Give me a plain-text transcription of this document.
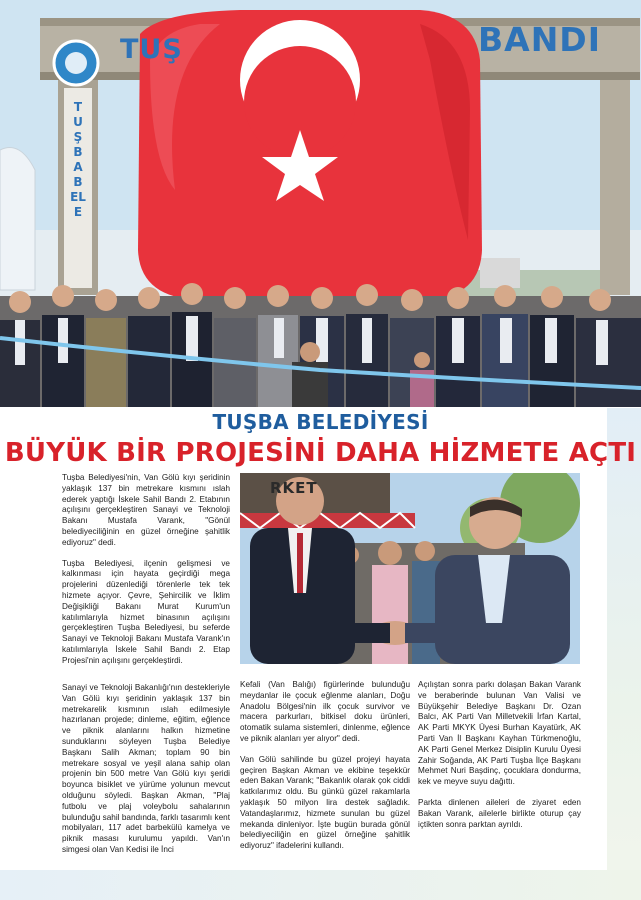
TUŞ	BANDI
TUŞBA BELE
TUŞBA BELEDİYESİ
BÜYÜK BİR PROJESİNİ DAHA HİZMETE AÇTI
RKET

Tuşba Belediyesi'nin, Van Gölü kıyı şeridinin yaklaşık 137 bin metrekare kısmını ıslah ederek yaptığı İskele Sahil Bandı 2. Etabının açılışını gerçekleştiren Sanayi ve Teknoloji Bakanı Mustafa Varank, "Gönül belediyeciliğinin en güzel örneğine şahitlik ediyoruz" dedi.

Tuşba Belediyesi, ilçenin gelişmesi ve kalkınması için hayata geçirdiği mega projelerini düzenlediği törenlerle tek tek hizmete açıyor. Çevre, Şehircilik ve İklim Değişikliği Bakanı Murat Kurum'un katılımlarıyla hizmet binasının açılışını gerçekleştiren Tuşba Belediyesi, bu seferde Sanayi ve Teknoloji Bakanı Mustafa Varank'ın katılımlarıyla İskele Sahil Bandı 2. Etap Projesi'nin açılışını gerçekleştirdi.

Sanayi ve Teknoloji Bakanlığı'nın destekleriyle Van Gölü kıyı şeridinin yaklaşık 137 bin metrekarelik kısmının ıslah edilmesiyle hazırlanan projede; dinleme, eğitim, eğlence ve piknik alanlarını halkın hizmetine sunduklarını söyleyen Tuşba Belediye Başkanı Salih Akman; toplam 90 bin metrekare sosyal ve yeşil alana sahip olan projenin bin 500 metre Van Gölü kıyı şeridi boyunca bisiklet ve yürüme yolunun mevcut olduğunu söyledi. Başkan Akman, "Plaj futbolu ve plaj voleybolu sahalarının bulunduğu sahil bandında, farklı tasarımlı kent mobilyaları, 117 adet barbekülü kamelya ve piknik masası kurulumu yapıldı. Van'ın simgesi olan Van Kedisi ile İnci

Kefali (Van Balığı) figürlerinde bulunduğu meydanlar ile çocuk eğlenme alanları, Doğu Anadolu Bölgesi'nin ilk çocuk survivor ve macera parkurları, bitkisel doku ürünleri, otomatik sulama sistemleri, dinlenme, eğlence ve piknik alanları yer alıyor" dedi.

Van Gölü sahilinde bu güzel projeyi hayata geçiren Başkan Akman ve ekibine teşekkür eden Bakan Varank; "Bakanlık olarak çok ciddi katkılarımız oldu. Bu günkü güzel rakamlarla yaklaşık 50 milyon lira destek sağladık. Vatandaşlarımız, hizmete sunulan bu güzel mekanda dinleniyor. İşte bugün burada gönül belediyeciliğin en güzel örneğine şahitlik ediyoruz" ifadelerini kullandı.

Açılıştan sonra parkı dolaşan Bakan Varank ve beraberinde bulunan Van Valisi ve Büyükşehir Belediye Başkanı Dr. Ozan Balcı, AK Parti Van Milletvekili İrfan Kartal, AK Parti MKYK Üyesi Burhan Kayatürk, AK Parti Van İl Başkanı Kayhan Türkmenoğlu, AK Parti Genel Merkez Disiplin Kurulu Üyesi Zahir Soğanda, AK Parti Tuşba İlçe Başkanı Mehmet Nuri Başdinç, çocuklara dondurma, kek ve meyve suyu dağıttı.

Parkta dinlenen aileleri de ziyaret eden Bakan Varank, ailelerle birlikte oturup çay içtikten sonra parktan ayrıldı.
